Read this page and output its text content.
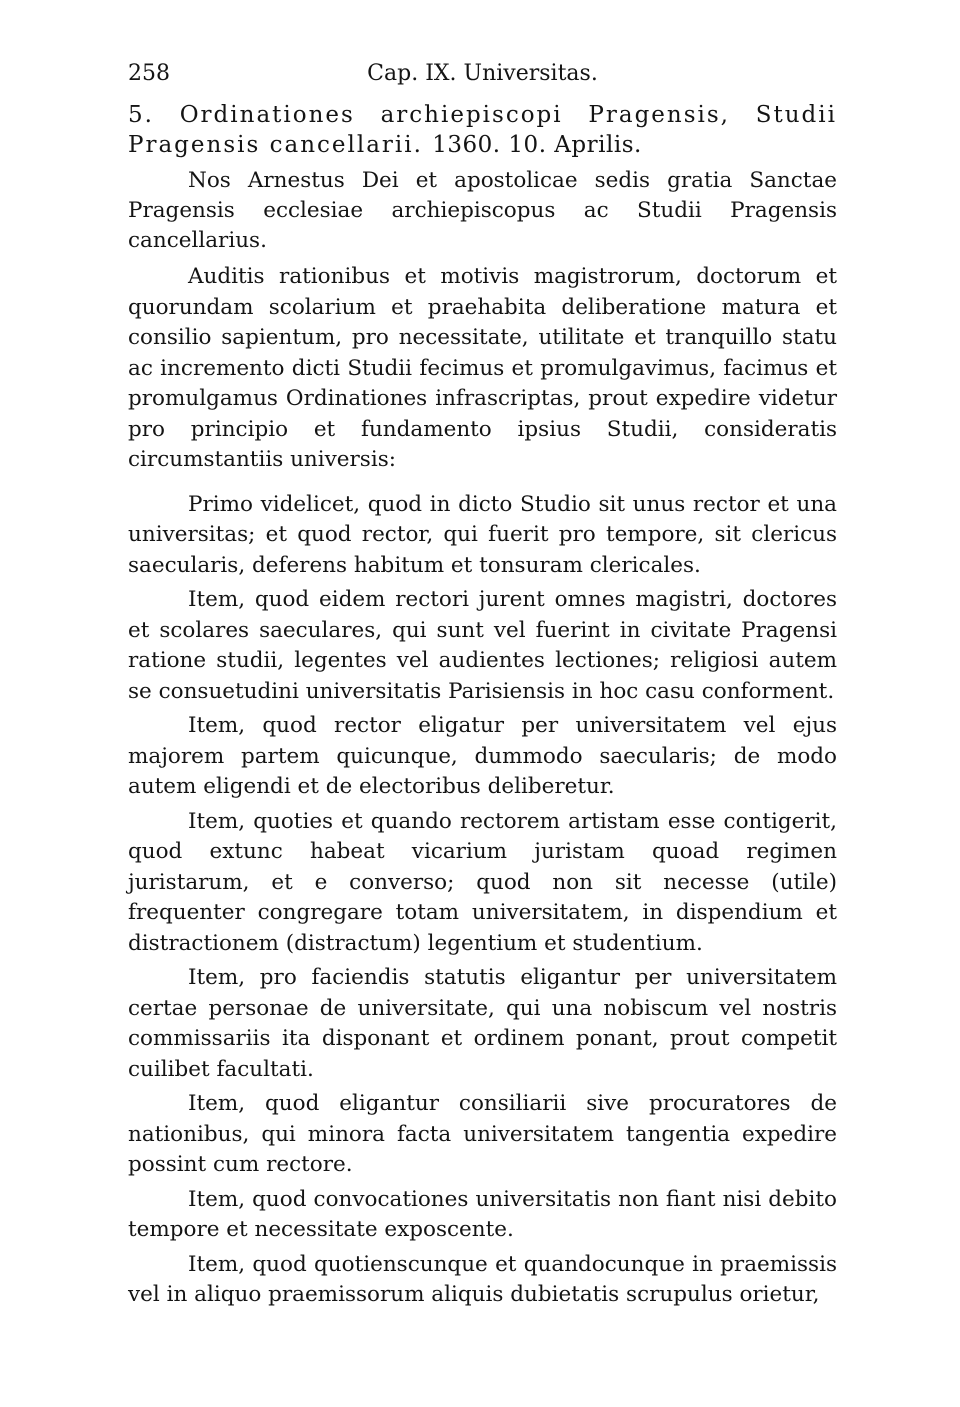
258	Cap. IX. Universitas.
5. Ordinationes archiepiscopi Pragensis, Studii Pragensis cancellarii. 1360. 10. Aprilis.

Nos Arnestus Dei et apostolicae sedis gratia Sanctae Pragensis ecclesiae archiepiscopus ac Studii Pragensis cancellarius.

Auditis rationibus et motivis magistrorum, doctorum et quorundam scolarium et praehabita deliberatione matura et consilio sapientum, pro necessitate, utilitate et tranquillo statu ac incremento dicti Studii fecimus et promulgavimus, facimus et promulgamus Ordinationes infrascriptas, prout expedire videtur pro principio et fundamento ipsius Studii, consideratis circumstantiis universis:

Primo videlicet, quod in dicto Studio sit unus rector et una universitas; et quod rector, qui fuerit pro tempore, sit clericus saecularis, deferens habitum et tonsuram clericales.

Item, quod eidem rectori jurent omnes magistri, doctores et scolares saeculares, qui sunt vel fuerint in civitate Pragensi ratione studii, legentes vel audientes lectiones; religiosi autem se consuetudini universitatis Parisiensis in hoc casu conforment.

Item, quod rector eligatur per universitatem vel ejus majorem partem quicunque, dummodo saecularis; de modo autem eligendi et de electoribus deliberetur.

Item, quoties et quando rectorem artistam esse contigerit, quod extunc habeat vicarium juristam quoad regimen juristarum, et e converso; quod non sit necesse (utile) frequenter congregare totam universitatem, in dispendium et distractionem (distractum) legentium et studentium.

Item, pro faciendis statutis eligantur per universitatem certae personae de universitate, qui una nobiscum vel nostris commissariis ita disponant et ordinem ponant, prout competit cuilibet facultati.

Item, quod eligantur consiliarii sive procuratores de nationibus, qui minora facta universitatem tangentia expedire possint cum rectore.

Item, quod convocationes universitatis non fiant nisi debito tempore et necessitate exposcente.

Item, quod quotienscunque et quandocunque in praemissis vel in aliquo praemissorum aliquis dubietatis scrupulus orietur,
